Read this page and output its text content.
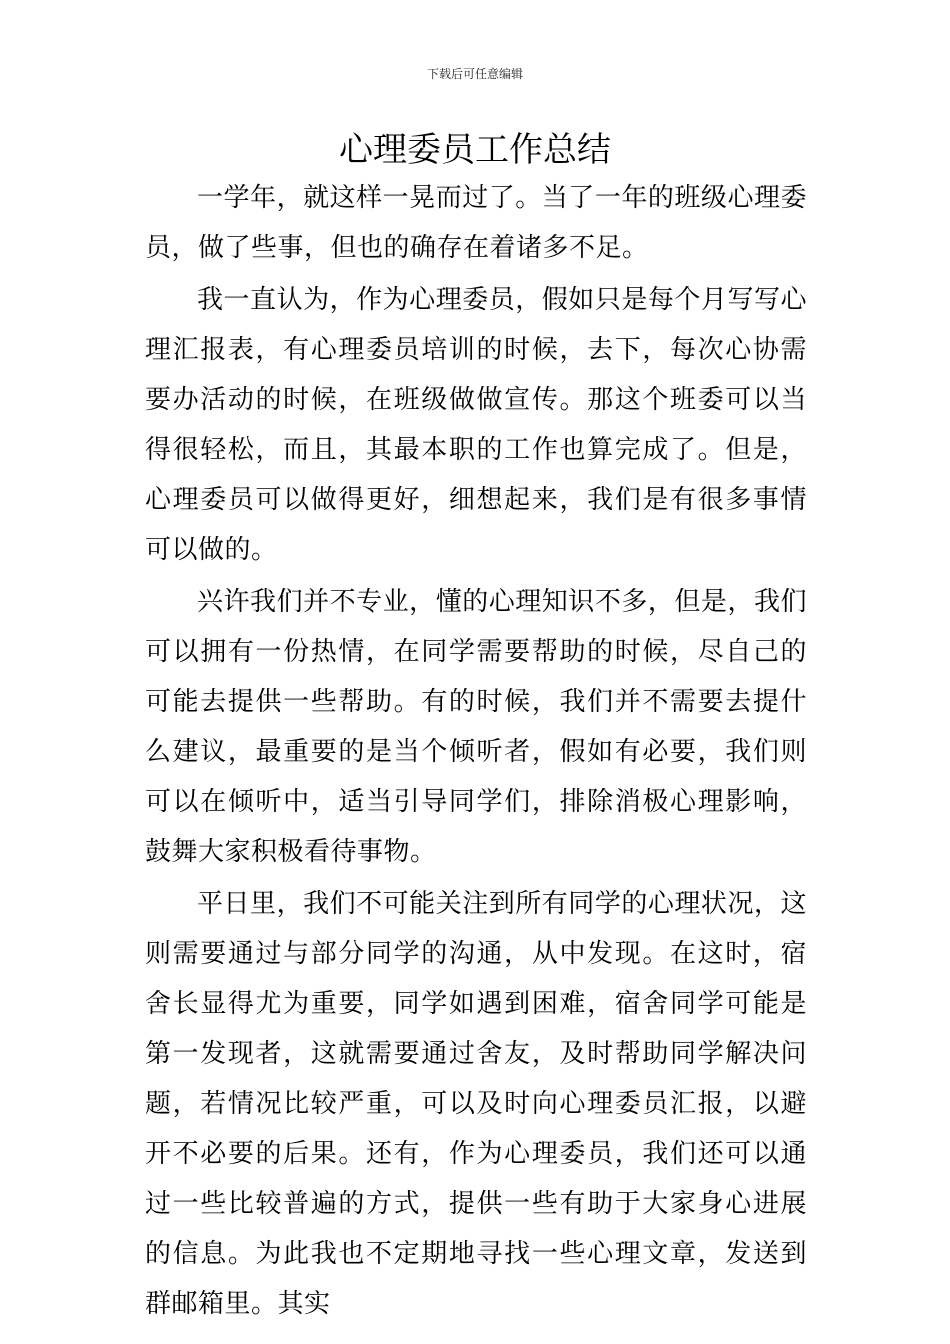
下载后可任意编辑
心理委员工作总结

一学年，就这样一晃而过了。当了一年的班级心理委员，做了些事，但也的确存在着诸多不足。

我一直认为，作为心理委员，假如只是每个月写写心理汇报表，有心理委员培训的时候，去下，每次心协需要办活动的时候，在班级做做宣传。那这个班委可以当得很轻松，而且，其最本职的工作也算完成了。但是，心理委员可以做得更好，细想起来，我们是有很多事情可以做的。

兴许我们并不专业，懂的心理知识不多，但是，我们可以拥有一份热情，在同学需要帮助的时候，尽自己的可能去提供一些帮助。有的时候，我们并不需要去提什么建议，最重要的是当个倾听者，假如有必要，我们则可以在倾听中，适当引导同学们，排除消极心理影响，鼓舞大家积极看待事物。

平日里，我们不可能关注到所有同学的心理状况，这则需要通过与部分同学的沟通，从中发现。在这时，宿舍长显得尤为重要，同学如遇到困难，宿舍同学可能是第一发现者，这就需要通过舍友，及时帮助同学解决问题，若情况比较严重，可以及时向心理委员汇报，以避开不必要的后果。还有，作为心理委员，我们还可以通过一些比较普遍的方式，提供一些有助于大家身心进展的信息。为此我也不定期地寻找一些心理文章，发送到群邮箱里。其实
